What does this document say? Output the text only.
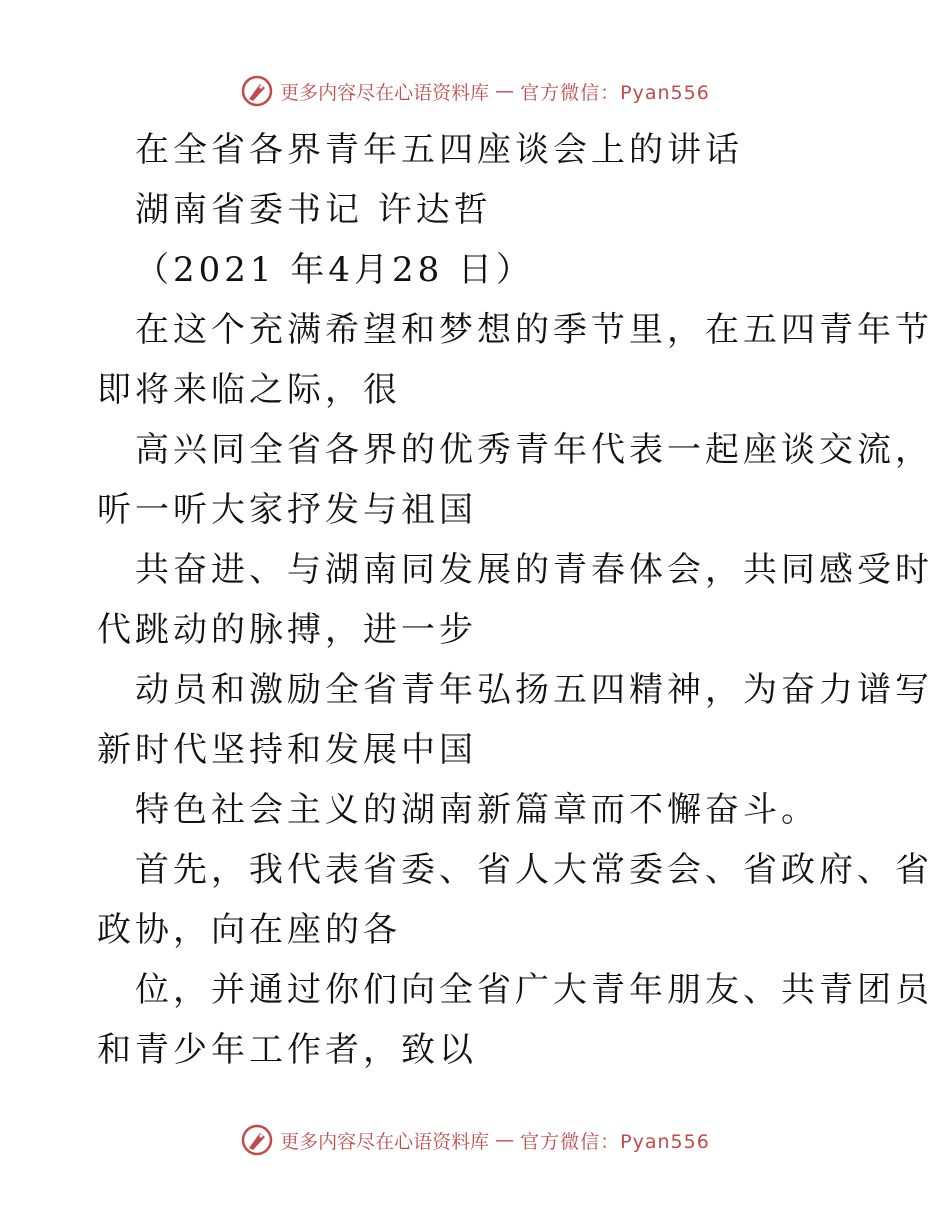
更多内容尽在心语资料库 — 官方微信：Pyan556
在全省各界青年五四座谈会上的讲话
湖南省委书记 许达哲
（2021 年4月28 日）
在这个充满希望和梦想的季节里，在五四青年节
即将来临之际，很
高兴同全省各界的优秀青年代表一起座谈交流，
听一听大家抒发与祖国
共奋进、与湖南同发展的青春体会，共同感受时
代跳动的脉搏，进一步
动员和激励全省青年弘扬五四精神，为奋力谱写
新时代坚持和发展中国
特色社会主义的湖南新篇章而不懈奋斗。
首先，我代表省委、省人大常委会、省政府、省
政协，向在座的各
位，并通过你们向全省广大青年朋友、共青团员
和青少年工作者，致以
更多内容尽在心语资料库 — 官方微信：Pyan556
